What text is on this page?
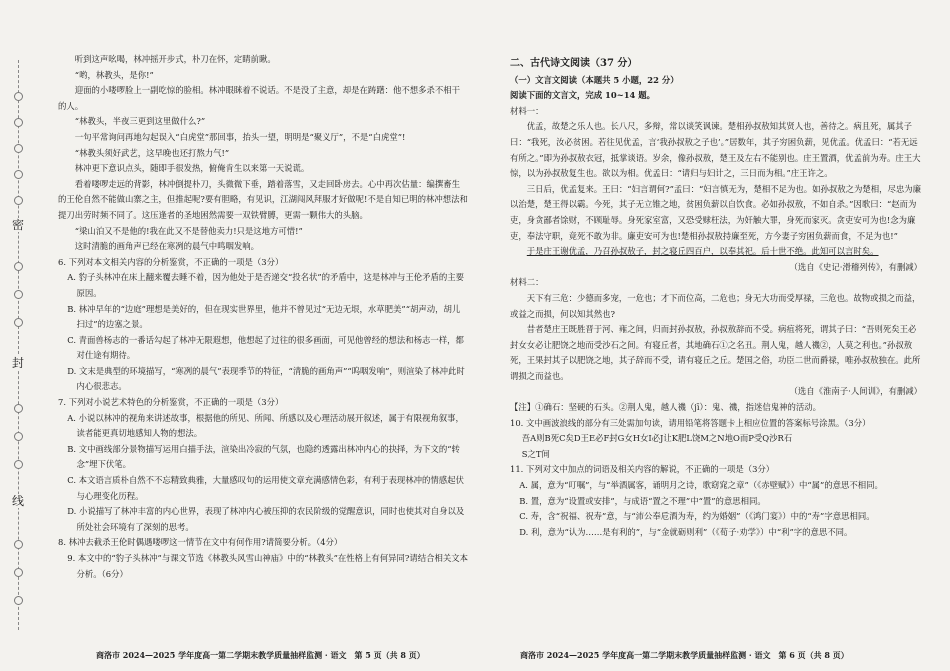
密
封
线

听到这声吆喝，林冲摇开步式，朴刀在怀，定睛前瞅。

“哟，林教头，是你!”

迎面的小喽啰脸上一副吃惊的脸相。林冲眼眯着不说话。不是没了主意，却是在踌躇：他不想多杀不相干的人。

“林教头，半夜三更到这里做什么?”

一句平常询问再地勾起误入“白虎堂”那回事，抬头一望，明明是“聚义厅”，不是“白虎堂”!

“林教头须好武艺，这早晚也还打熬力气!”

林冲更下意识点头，随即手很发热，俯俺肯生以来第一天说谎。

看着喽啰走远的背影，林冲倒提朴刀，头微微下垂，踏着落雪，又走回卧房去。心中再次估量：编撰畜生的王伦自然不能做山寨之主，但推起呢?要有胆略，有见识，江湖闯风拜服才好做呢!不是自知已明的林冲想法和提刀出劳时频不同了。这压逢者的圣地困然需要一双铁臂膊，更需一颗伟大的头脑。

“梁山泊又不是他的!我在此又不是替他卖力!只是这地方可惜!”

这时清脆的画角声已经在寒冽的晨气中鸣咽发响。

6. 下列对本文相关内容的分析鉴赏，不正确的一项是（3分）

A. 豹子头林冲在床上翻来覆去睡不着，因为他处于是否递交“投名状”的矛盾中，这是林冲与王伦矛盾的主要原因。

B. 林冲早年的“边庭”理想是美好的，但在现实世界里，他并不曾见过“无边无垠，水草肥美”“胡声动，胡儿扫过”的边塞之景。

C. 青面兽杨志的一番话勾起了林冲无限遐想，他想起了过往的很多画面，可见他曾经的想法和杨志一样，都对仕途有期待。

D. 文末是典型的环境描写，“寒冽的晨气”表现季节的特征，“清脆的画角声”“呜咽发响”，则渲染了林冲此时内心很悲志。

7. 下列对小说艺术特色的分析鉴赏，不正确的一项是（3分）

A. 小说以林冲的视角来讲述故事，根据他的所见、所闻、所感以及心理活动展开叙述，属于有限视角叙事，读者能更真切地感知人物的想法。

B. 文中画线部分景物描写运用白描手法，渲染出冷寂的气氛，也隐约透露出林冲内心的抉择，为下文的“转念”埋下伏笔。

C. 本文语言质朴自然不不忘精致典雅，大量感叹句的运用使文章充满感情色彩，有利于表现林冲的情感起伏与心理变化历程。

D. 小说描写了林冲丰富的内心世界，表现了林冲内心被压抑的农民阶级的觉醒意识，同时也使其对自身以及所处社会环境有了深刻的思考。

8. 林冲去截杀王伦时偶遇喽啰这一情节在文中有何作用?请简要分析。（4分）

9. 本文中的“豹子头林冲”与课文节选《林教头风雪山神庙》中的“林教头”在性格上有何异同?请结合相关文本分析。（6分）

二、古代诗文阅读（37 分）

（一）文言文阅读（本题共 5 小题，22 分）

阅读下面的文言文，完成 10~14 题。

材料一：

优孟，故楚之乐人也。长八尺，多辩，常以谈笑讽谏。楚相孙叔敖知其贤人也，善待之。病且死，属其子曰：“我死，汝必贫困。若往见优孟，言‘我孙叔敖之子也’。”居数年，其子穷困负薪，见优孟。优孟曰：“若无远有所之。”即为孙叔敖衣冠，抵掌谈语。岁余，像孙叔敖，楚王及左右不能别也。庄王置酒，优孟前为寿。庄王大惊，以为孙叔敖复生也。欲以为相。优孟曰：“请归与妇计之，三日而为相。”庄王许之。

三日后，优孟复来。王曰：“妇言谓何?”孟曰：“妇言慎无为，楚相不足为也。如孙叔敖之为楚相，尽忠为廉以治楚，楚王得以霸。今死，其子无立锥之地，贫困负薪以自饮食。必如孙叔敖，不如自杀。”因歌曰：“赵而为吏，身贪鄙者馀财，不顾耻辱。身死家室富，又恐受赇枉法，为奸触大罪，身死而家灭。贪吏安可为也!念为廉吏，奉法守职，竟死不敢为非。廉吏安可为也!楚相孙叔敖持廉至死，方今妻子穷困负薪而食，不足为也!”

于是庄王谢优孟，乃召孙叔敖子，封之寝丘四百户，以奉其祀。后十世不绝。此知可以言时矣。

（选自《史记·滑稽列传》，有删减）

材料二：

天下有三危：少德而多宠，一危也；才下而位高，二危也；身无大功而受厚禄，三危也。故物或损之而益，或益之而损，何以知其然也?

昔者楚庄王既胜晋于河、雍之间，归而封孙叔敖，孙叔敖辞而不受。病疽将死，谓其子曰：“吾则死矣王必封女女必让肥饶之地而受沙石之间。有寝丘者，其地确石①之名丑。荆人鬼，越人禨②，人莫之利也。”孙叔敖死，王果封其子以肥饶之地，其子辞而不受，请有寝丘之丘。楚国之俗，功臣二世而爵禄，唯孙叔敖独在。此所谓损之而益也。

（选自《淮南子·人间训》，有删减）

【注】①确石：坚硬的石头。②荆人鬼，越人禨（jī）：鬼、禨，指迷信鬼神的活动。

10. 文中画波浪线的部分有三处需加句读，请用铅笔将答题卡上相应位置的答案标号涂黑。（3分）

吾A则B死C矣D王E必F封G女H女I必J让K肥L饶M之N地O而P受Q沙R石

S之T间

11. 下列对文中加点的词语及相关内容的解说，不正确的一项是（3分）

A. 属，意为“叮嘱”，与“举酒属客，诵明月之诗，歌窈窕之章”（《赤壁赋》）中“属”的意思不相同。

B. 置，意为“设置或安排”，与成语“置之不理”中“置”的意思相同。

C. 寿，含“祝福、祝寿”意，与“沛公奉卮酒为寿，约为婚姻”（《鸿门宴》）中的“寿”字意思相同。

D. 利，意为“认为……是有利的”，与“金就砺则利”（《荀子·劝学》）中“利”字的意思不同。

商洛市 2024—2025 学年度高一第二学期末教学质量抽样监测 · 语文　第 5 页（共 8 页）	商洛市 2024—2025 学年度高一第二学期末教学质量抽样监测 · 语文　第 6 页（共 8 页）
